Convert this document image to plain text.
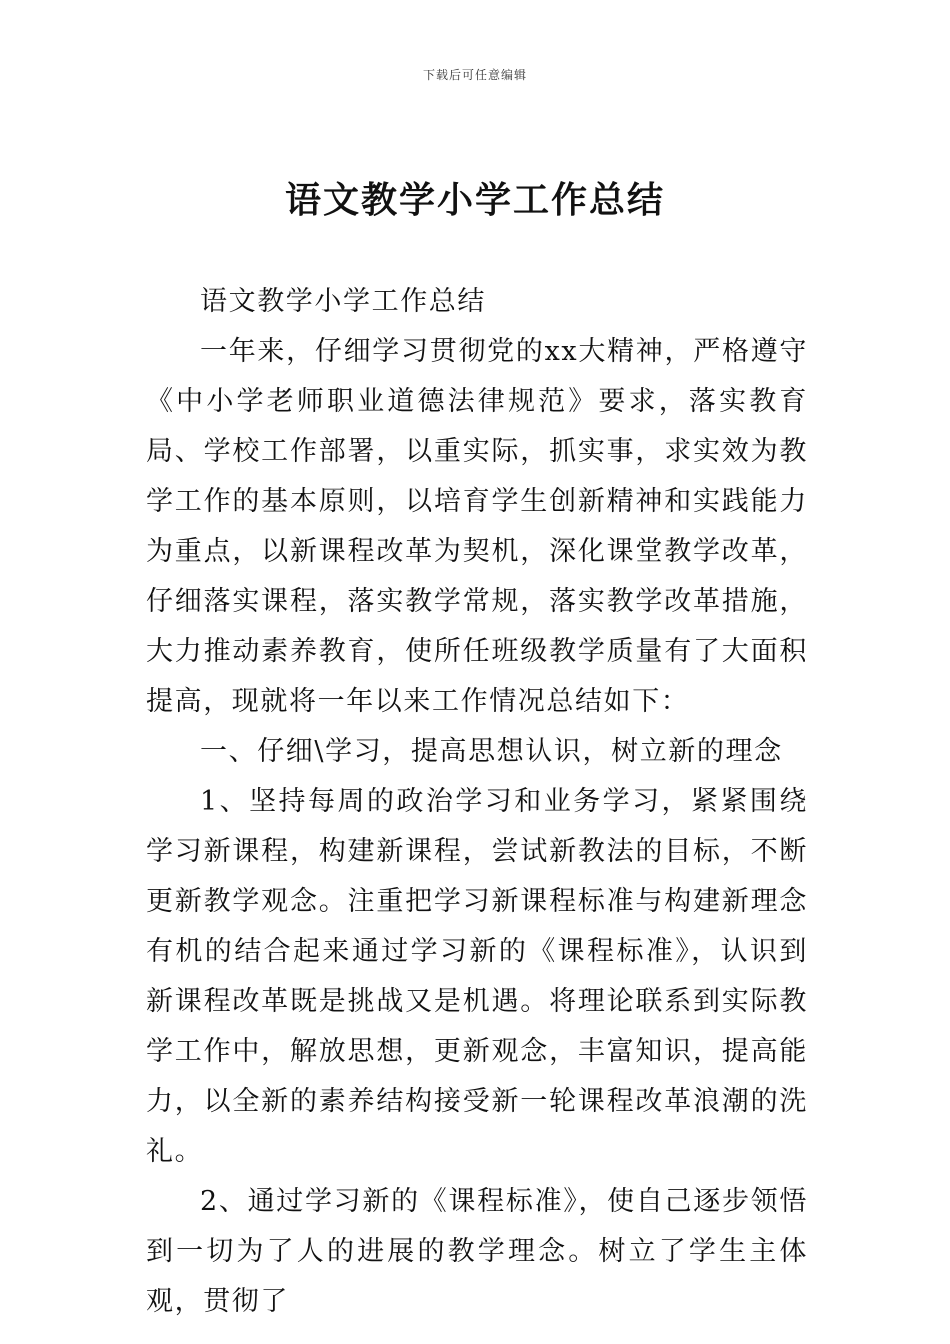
下载后可任意编辑
语文教学小学工作总结

语文教学小学工作总结

一年来，仔细学习贯彻党的xx大精神，严格遵守《中小学老师职业道德法律规范》要求，落实教育局、学校工作部署，以重实际，抓实事，求实效为教学工作的基本原则，以培育学生创新精神和实践能力为重点，以新课程改革为契机，深化课堂教学改革，仔细落实课程，落实教学常规，落实教学改革措施，大力推动素养教育，使所任班级教学质量有了大面积提高，现就将一年以来工作情况总结如下：

一、仔细\学习，提高思想认识，树立新的理念

1、坚持每周的政治学习和业务学习，紧紧围绕学习新课程，构建新课程，尝试新教法的目标，不断更新教学观念。注重把学习新课程标准与构建新理念有机的结合起来通过学习新的《课程标准》，认识到新课程改革既是挑战又是机遇。将理论联系到实际教学工作中，解放思想，更新观念，丰富知识，提高能力，以全新的素养结构接受新一轮课程改革浪潮的洗礼。

2、通过学习新的《课程标准》，使自己逐步领悟到一切为了人的进展的教学理念。树立了学生主体观，贯彻了
